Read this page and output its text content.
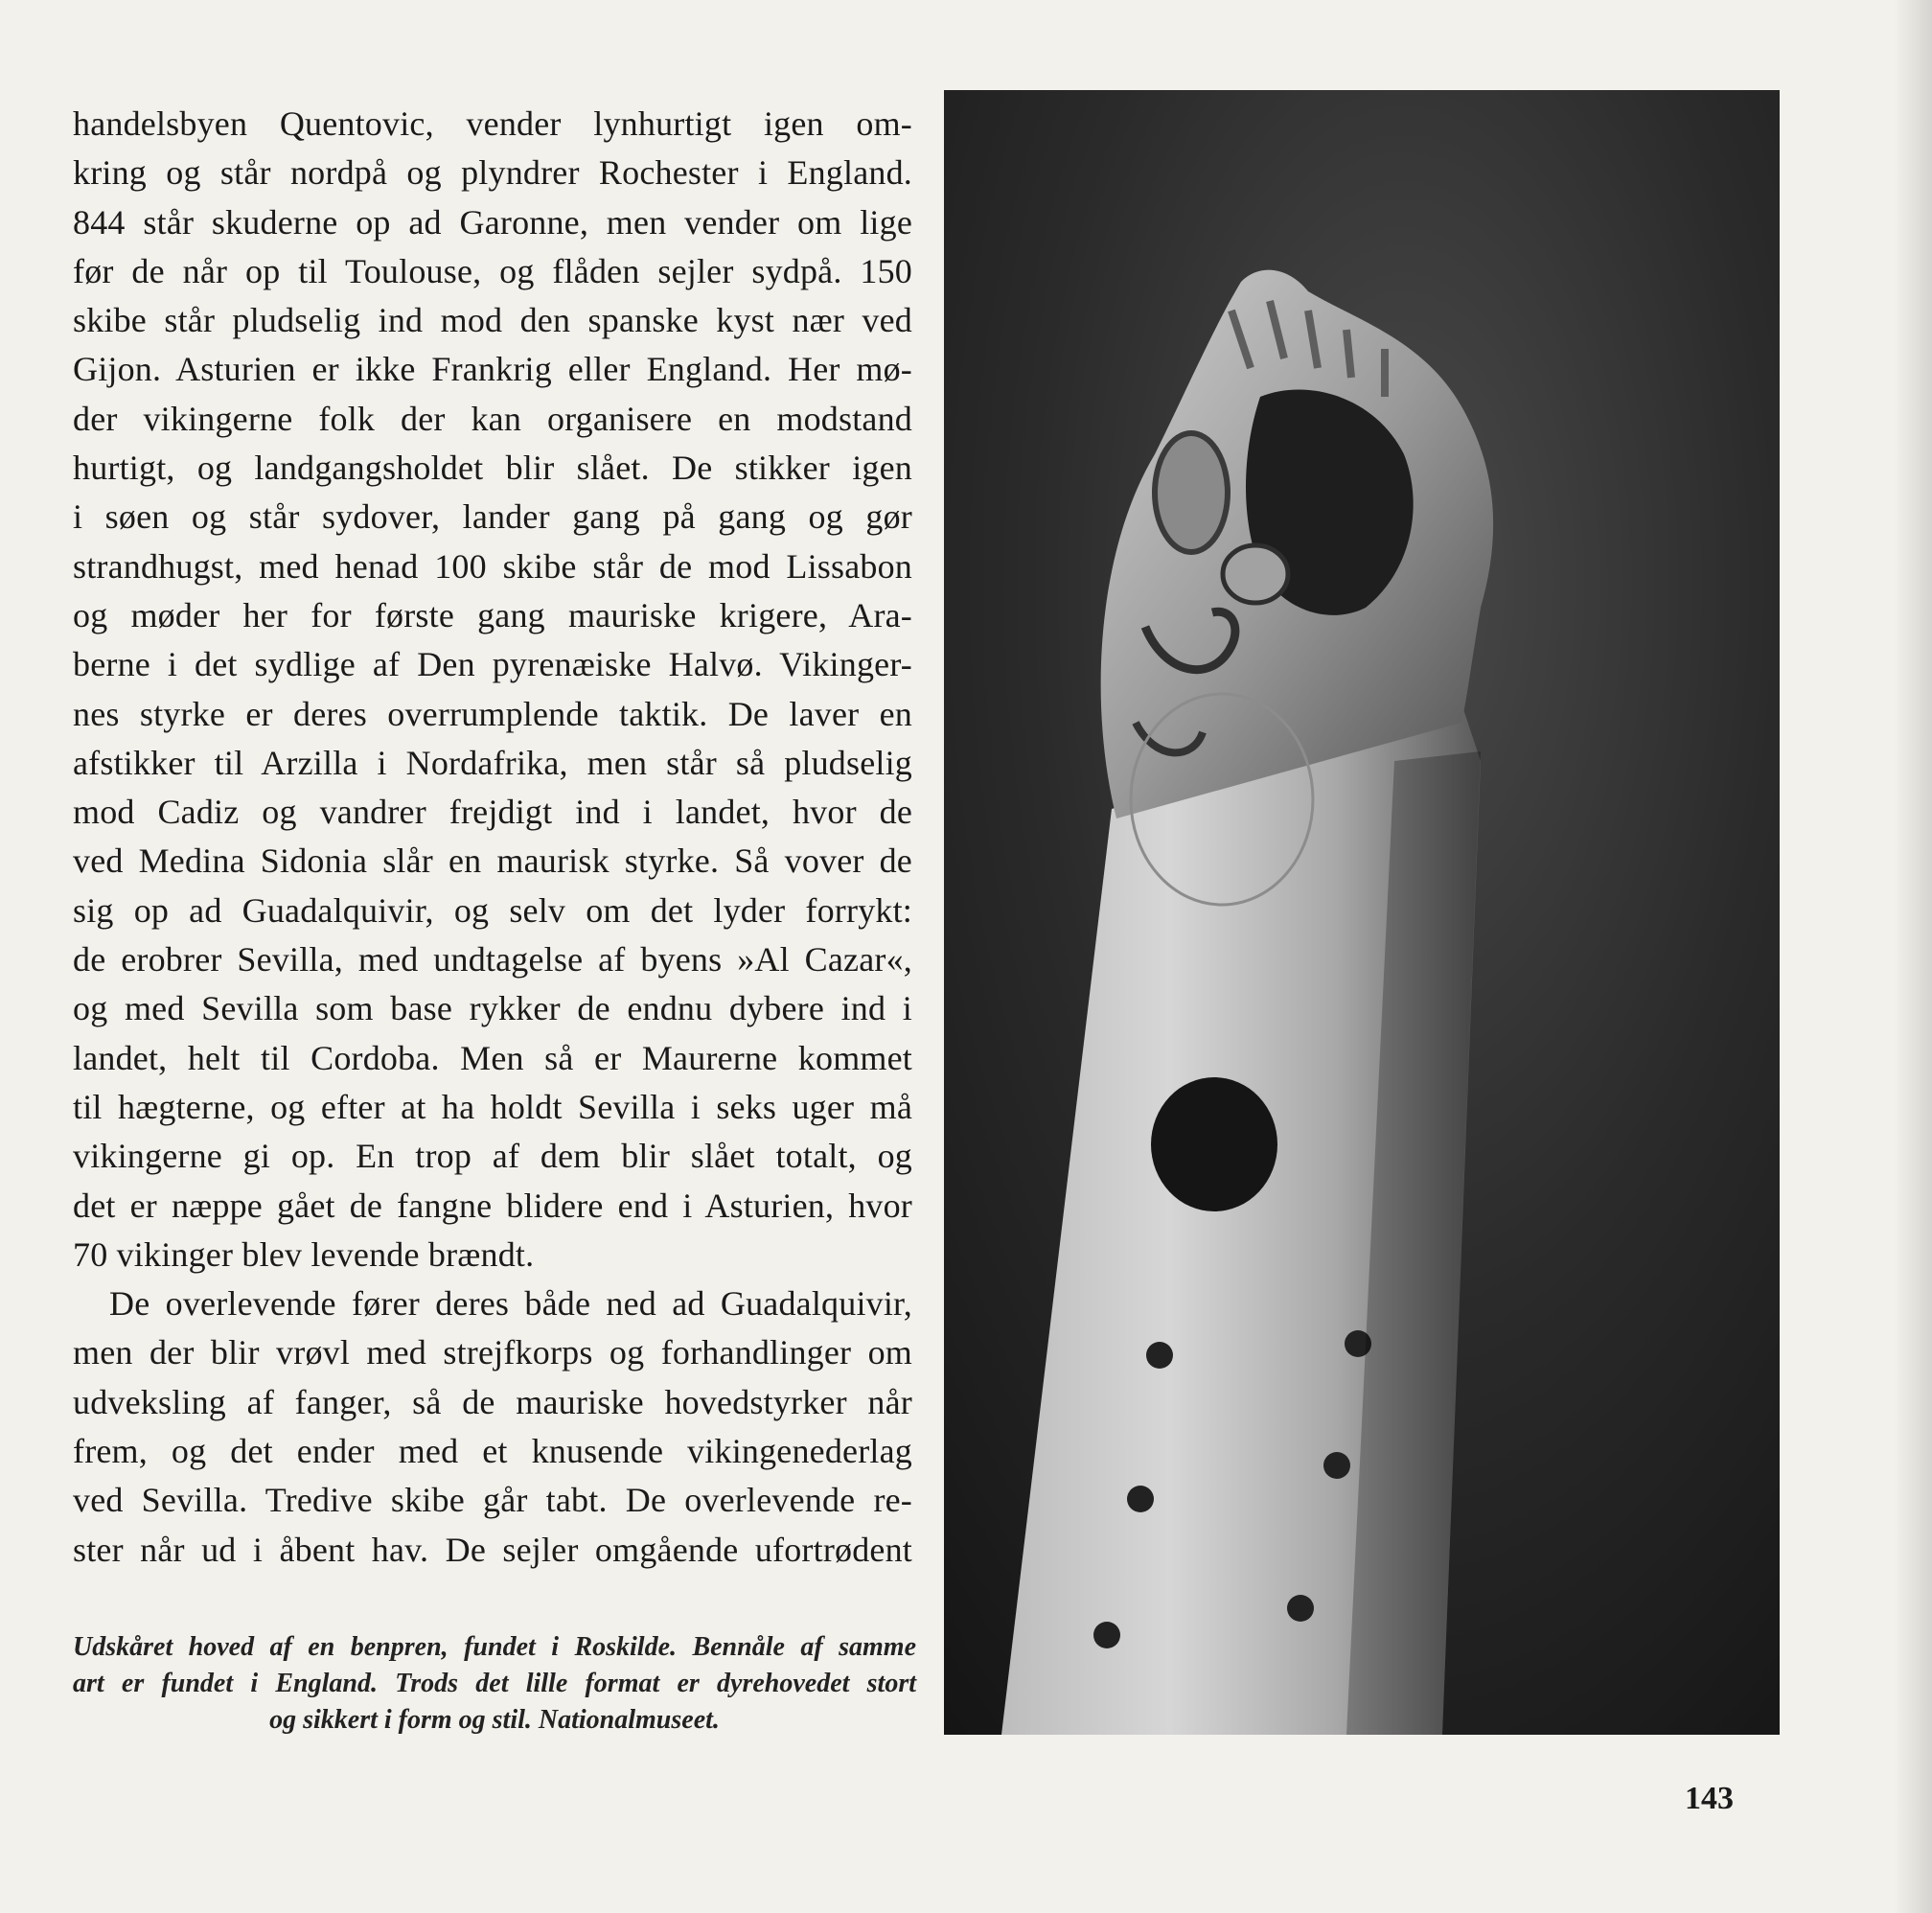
handelsbyen Quentovic, vender lynhurtigt igen om-
kring og står nordpå og plyndrer Rochester i England.
844 står skuderne op ad Garonne, men vender om lige
før de når op til Toulouse, og flåden sejler sydpå. 150
skibe står pludselig ind mod den spanske kyst nær ved
Gijon. Asturien er ikke Frankrig eller England. Her mø-
der vikingerne folk der kan organisere en modstand
hurtigt, og landgangsholdet blir slået. De stikker igen
i søen og står sydover, lander gang på gang og gør
strandhugst, med henad 100 skibe står de mod Lissabon
og møder her for første gang mauriske krigere, Ara-
berne i det sydlige af Den pyrenæiske Halvø. Vikinger-
nes styrke er deres overrumplende taktik. De laver en
afstikker til Arzilla i Nordafrika, men står så pludselig
mod Cadiz og vandrer frejdigt ind i landet, hvor de
ved Medina Sidonia slår en maurisk styrke. Så vover de
sig op ad Guadalquivir, og selv om det lyder forrykt:
de erobrer Sevilla, med undtagelse af byens »Al Cazar«,
og med Sevilla som base rykker de endnu dybere ind i
landet, helt til Cordoba. Men så er Maurerne kommet
til hægterne, og efter at ha holdt Sevilla i seks uger må
vikingerne gi op. En trop af dem blir slået totalt, og
det er næppe gået de fangne blidere end i Asturien, hvor
70 vikinger blev levende brændt.
De overlevende fører deres både ned ad Guadalquivir,
men der blir vrøvl med strejfkorps og forhandlinger om
udveksling af fanger, så de mauriske hovedstyrker når
frem, og det ender med et knusende vikingenederlag
ved Sevilla. Tredive skibe går tabt. De overlevende re-
ster når ud i åbent hav. De sejler omgående ufortrødent
Udskåret hoved af en benpren, fundet i Roskilde. Bennåle af samme
art er fundet i England. Trods det lille format er dyrehovedet stort
og sikkert i form og stil. Nationalmuseet.
143
